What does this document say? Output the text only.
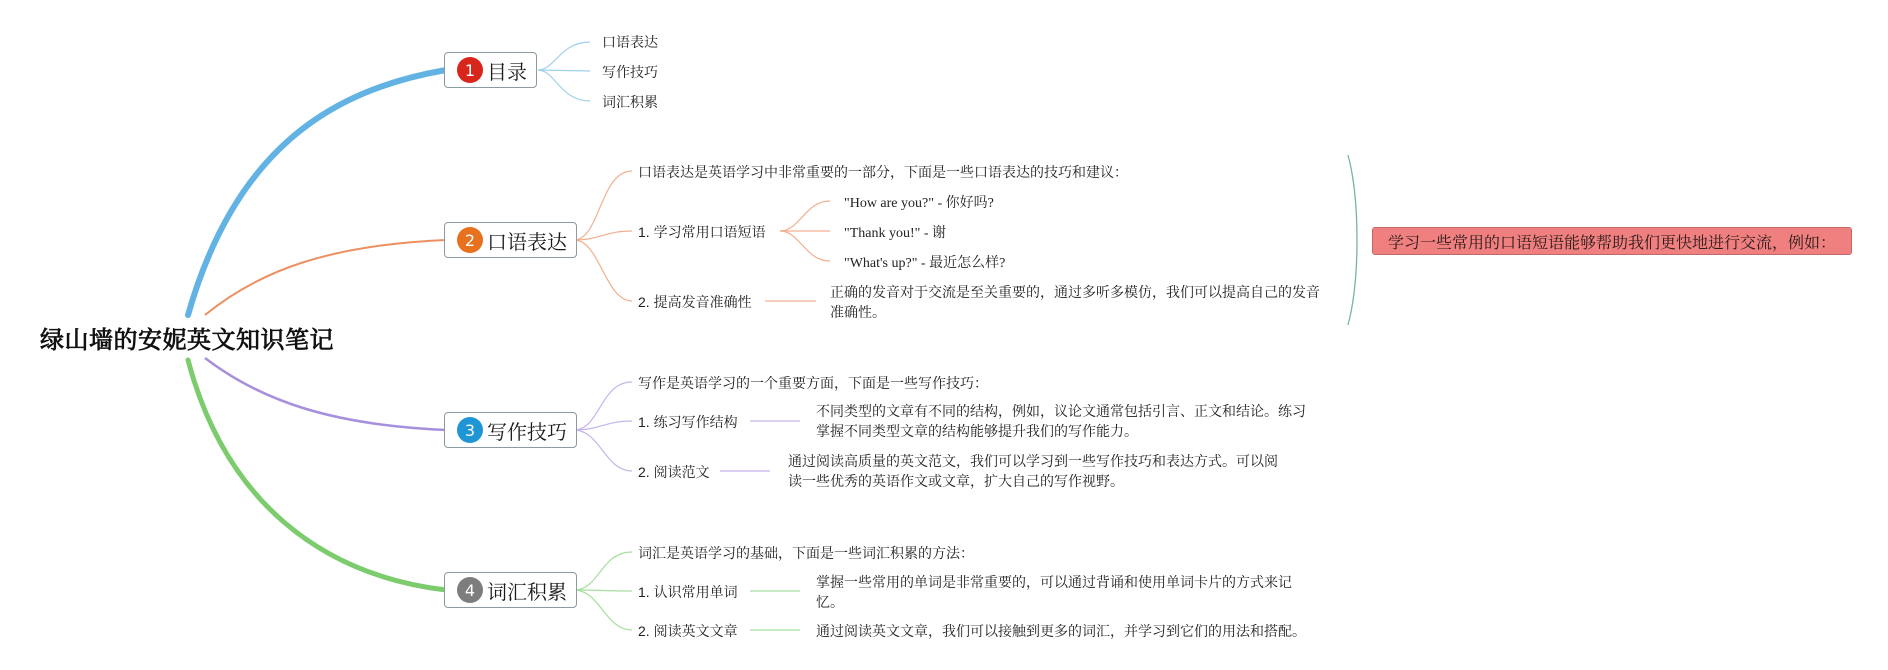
绿山墙的安妮英文知识笔记
1 目录
口语表达
写作技巧
词汇积累
2 口语表达
口语表达是英语学习中非常重要的一部分，下面是一些口语表达的技巧和建议：
1. 学习常用口语短语
"How are you?" - 你好吗?
"Thank you!" - 谢
"What's up?" - 最近怎么样?
2. 提高发音准确性
正确的发音对于交流是至关重要的，通过多听多模仿，我们可以提高自己的发音准确性。
学习一些常用的口语短语能够帮助我们更快地进行交流，例如：
3 写作技巧
写作是英语学习的一个重要方面，下面是一些写作技巧：
1. 练习写作结构
不同类型的文章有不同的结构，例如，议论文通常包括引言、正文和结论。练习掌握不同类型文章的结构能够提升我们的写作能力。
2. 阅读范文
通过阅读高质量的英文范文，我们可以学习到一些写作技巧和表达方式。可以阅读一些优秀的英语作文或文章，扩大自己的写作视野。
4 词汇积累
词汇是英语学习的基础，下面是一些词汇积累的方法：
1. 认识常用单词
掌握一些常用的单词是非常重要的，可以通过背诵和使用单词卡片的方式来记忆。
2. 阅读英文文章	通过阅读英文文章，我们可以接触到更多的词汇，并学习到它们的用法和搭配。
